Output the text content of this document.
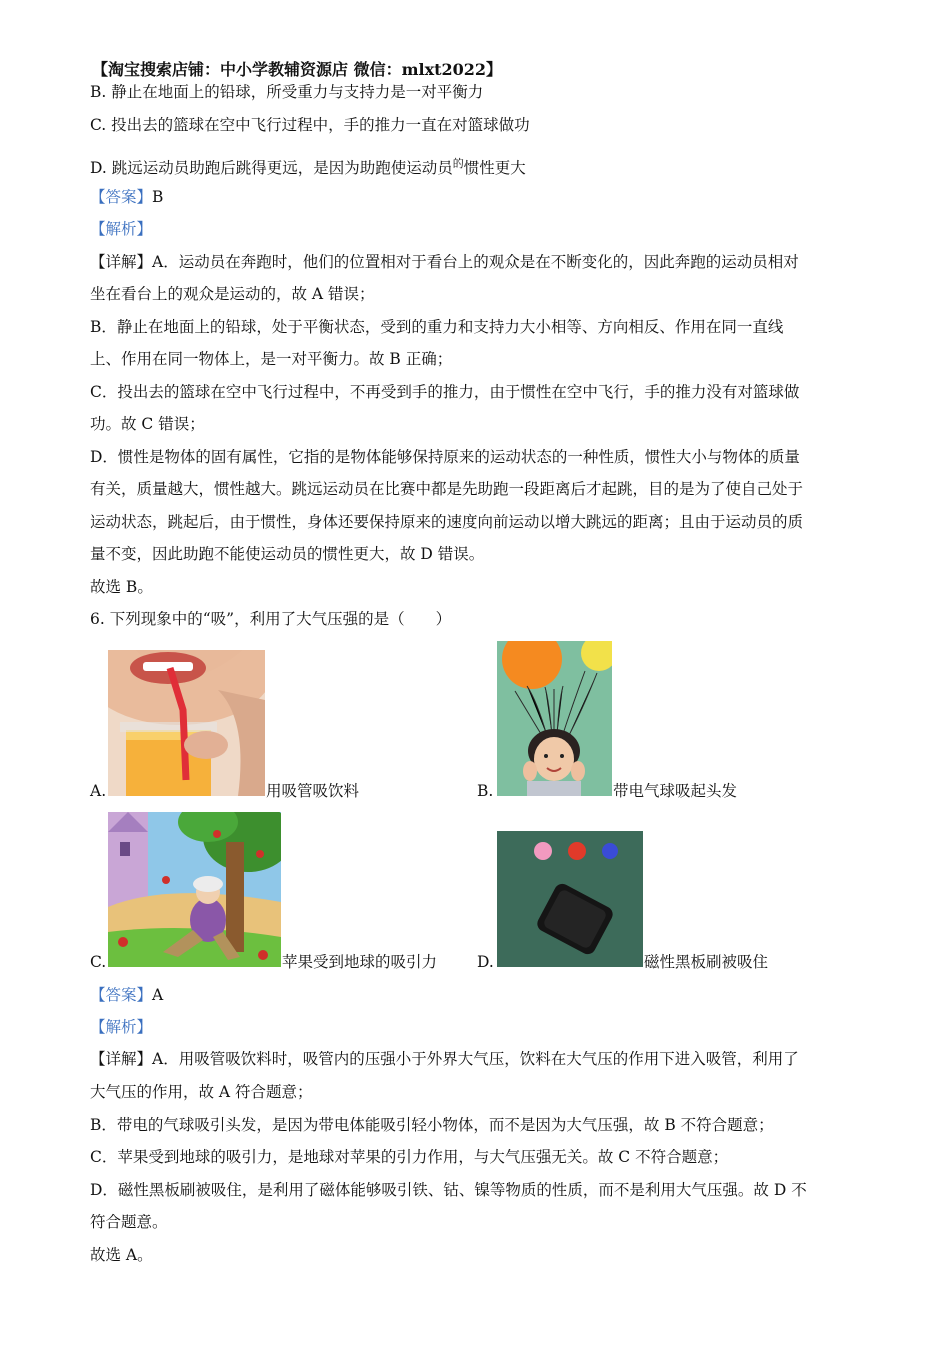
【淘宝搜索店铺：中小学教辅资源店 微信：mlxt2022】
B. 静止在地面上的铅球，所受重力与支持力是一对平衡力
C. 投出去的篮球在空中飞行过程中，手的推力一直在对篮球做功
D. 跳远运动员助跑后跳得更远，是因为助跑使运动员$^的$惯性更大
【答案】B
【解析】
【详解】A．运动员在奔跑时，他们的位置相对于看台上的观众是在不断变化的，因此奔跑的运动员相对
坐在看台上的观众是运动的，故 A 错误；
B．静止在地面上的铅球，处于平衡状态，受到的重力和支持力大小相等、方向相反、作用在同一直线
上、作用在同一物体上，是一对平衡力。故 B 正确；
C．投出去的篮球在空中飞行过程中，不再受到手的推力，由于惯性在空中飞行，手的推力没有对篮球做
功。故 C 错误；
D．惯性是物体的固有属性，它指的是物体能够保持原来的运动状态的一种性质，惯性大小与物体的质量
有关，质量越大，惯性越大。跳远运动员在比赛中都是先助跑一段距离后才起跳，目的是为了使自己处于
运动状态，跳起后，由于惯性，身体还要保持原来的速度向前运动以增大跳远的距离；且由于运动员的质
量不变，因此助跑不能使运动员的惯性更大，故 D 错误。
故选 B。
6. 下列现象中的“吸”，利用了大气压强的是（　　）
A.	用吸管吸饮料	B.	带电气球吸起头发
C.	苹果受到地球的吸引力	D.	磁性黑板刷被吸住
【答案】A
【解析】
【详解】A．用吸管吸饮料时，吸管内的压强小于外界大气压，饮料在大气压的作用下进入吸管，利用了
大气压的作用，故 A 符合题意；
B．带电的气球吸引头发，是因为带电体能吸引轻小物体，而不是因为大气压强，故 B 不符合题意；
C．苹果受到地球的吸引力，是地球对苹果的引力作用，与大气压强无关。故 C 不符合题意；
D．磁性黑板刷被吸住，是利用了磁体能够吸引铁、钴、镍等物质的性质，而不是利用大气压强。故 D 不
符合题意。
故选 A。
